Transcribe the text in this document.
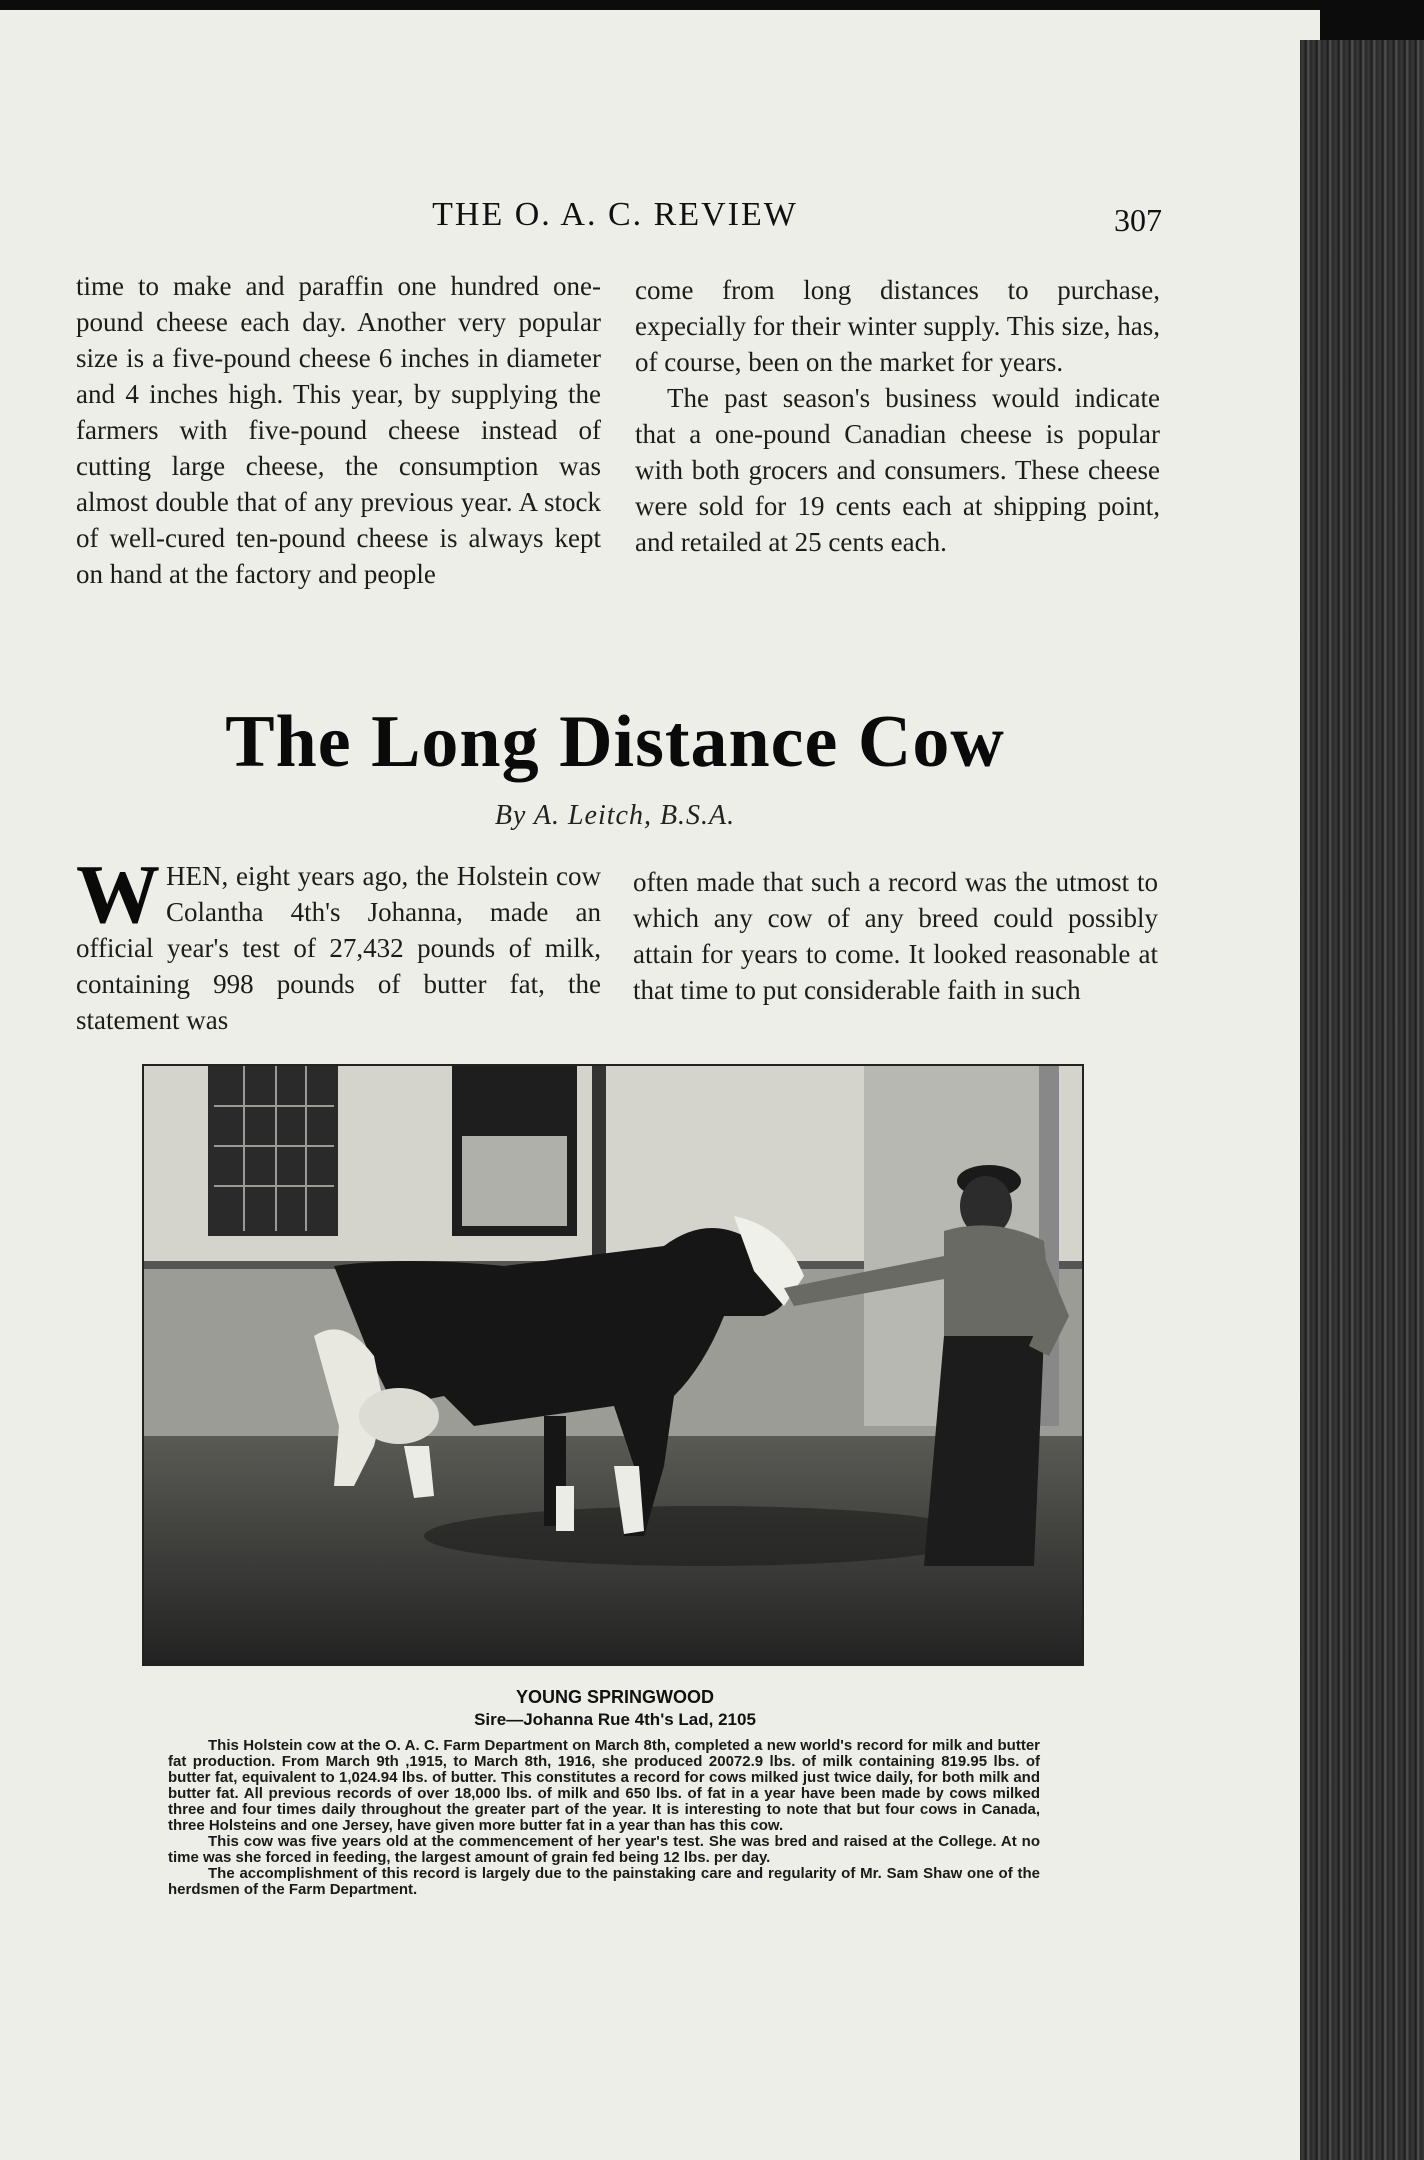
THE O. A. C. REVIEW	307

time to make and paraffin one hundred one-pound cheese each day. Another very popular size is a five-pound cheese 6 inches in diameter and 4 inches high. This year, by supplying the farmers with five-pound cheese instead of cutting large cheese, the consumption was almost double that of any previous year. A stock of well-cured ten-pound cheese is always kept on hand at the factory and people

come from long distances to purchase, expecially for their winter supply. This size, has, of course, been on the market for years.

The past season's business would indicate that a one-pound Canadian cheese is popular with both grocers and consumers. These cheese were sold for 19 cents each at shipping point, and retailed at 25 cents each.

The Long Distance Cow
By A. Leitch, B.S.A.

WHEN, eight years ago, the Holstein cow Colantha 4th's Johanna, made an official year's test of 27,432 pounds of milk, containing 998 pounds of butter fat, the statement was

often made that such a record was the utmost to which any cow of any breed could possibly attain for years to come. It looked reasonable at that time to put considerable faith in such

YOUNG SPRINGWOOD
Sire—Johanna Rue 4th's Lad, 2105

This Holstein cow at the O. A. C. Farm Department on March 8th, completed a new world's record for milk and butter fat production. From March 9th ,1915, to March 8th, 1916, she produced 20072.9 lbs. of milk containing 819.95 lbs. of butter fat, equivalent to 1,024.94 lbs. of butter. This constitutes a record for cows milked just twice daily, for both milk and butter fat. All previous records of over 18,000 lbs. of milk and 650 lbs. of fat in a year have been made by cows milked three and four times daily throughout the greater part of the year. It is interesting to note that but four cows in Canada, three Holsteins and one Jersey, have given more butter fat in a year than has this cow.

This cow was five years old at the commencement of her year's test. She was bred and raised at the College. At no time was she forced in feeding, the largest amount of grain fed being 12 lbs. per day.

The accomplishment of this record is largely due to the painstaking care and regularity of Mr. Sam Shaw one of the herdsmen of the Farm Department.
